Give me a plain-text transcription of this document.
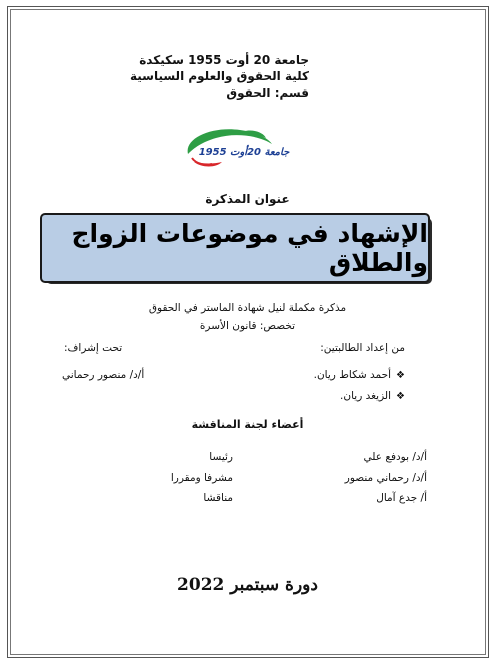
جامعة 20 أوت 1955 سكيكدة
كلية الحقوق والعلوم السياسية
قسم: الحقوق
جامعة 20أوت 1955
عنوان المذكرة
الإشهاد في موضوعات الزواج والطلاق
مذكرة مكملة لنيل شهادة الماستر في الحقوق
تخصص: قانون الأسرة
من إعداد الطالبتين:
تحت إشراف:
❖أحمد شكاط ريان.
❖الزيغد ريان.
أ/د/ منصور رحماني
أعضاء لجنة المناقشة
أ/د/ بودفع علي
رئيسا
أ/د/ رحماني منصور
مشرفا ومقررا
أ/ جدع آمال
مناقشا
دورة سبتمبر 2022
